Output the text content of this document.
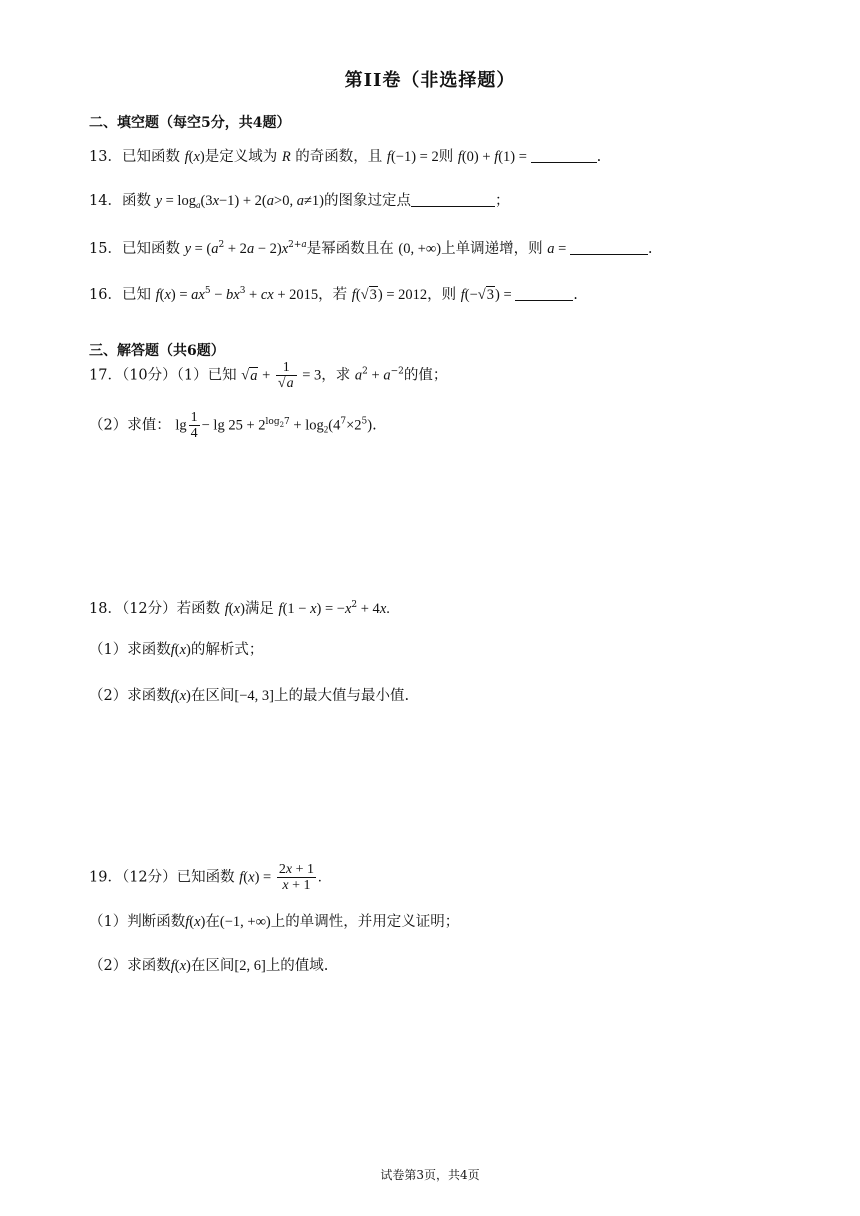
第II卷（非选择题）
二、填空题（每空5分，共4题）
13．已知函数 f(x)是定义域为 R 的奇函数，且 f(−1) = 2则 f(0) + f(1) =	.
14．函数 $y = \log_a(3x-1) + 2(a>0$, a≠1)的图象过定点	；
15．已知函数 $y = (a^2 + 2a - 2)x^{2+a}$是幂函数且在 (0, +∞)上单调递增，则 a =	.
16．已知 $f(x) = ax^5 - bx^3$ + cx + 2015，若 f(√3) = 2012，则 f(−√3) =	.
三、解答题（共6题）
17．（10分）（1）已知 $√a + \frac{1}{√a} = 3$，求 $a^2 + a^{-2}$的值；
（2）求值： $\lg \frac{1}{4} - \lg 25 + 2^{log_27} + \log_2(4^7\times 2^5)$.
18．（12分）若函数 f(x)满足 $f(1 - x) = -x^2 + 4x$.
（1）求函数f(x)的解析式；
（2）求函数f(x)在区间[−4, 3]上的最大值与最小值.
19．（12分）已知函数 $f(x) = \frac{2x + 1}{x + 1}$ .
（1）判断函数f(x)在(−1, +∞)上的单调性，并用定义证明；
（2）求函数f(x)在区间[2, 6]上的值域.
试卷第3页，共4页
